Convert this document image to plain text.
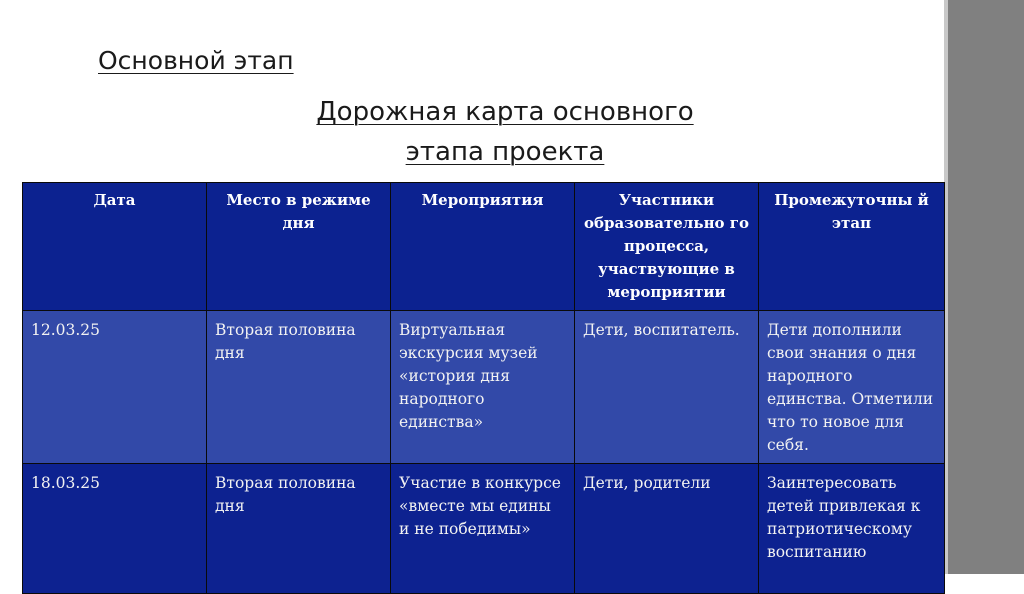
Основной этап
Дорожная карта основного
этапа проекта
Дата	Место в режиме дня	Мероприятия	Участники образовательно го процесса, участвующие в мероприятии	Промежуточны й этап
12.03.25	Вторая половина дня	Виртуальная экскурсия музей «история дня народного единства»	Дети, воспитатель.	Дети дополнили свои знания о дня народного единства. Отметили что то новое для себя.
18.03.25	Вторая половина дня	Участие в конкурсе «вместе мы едины и не победимы»	Дети, родители	Заинтересовать детей привлекая к патриотическому воспитанию
